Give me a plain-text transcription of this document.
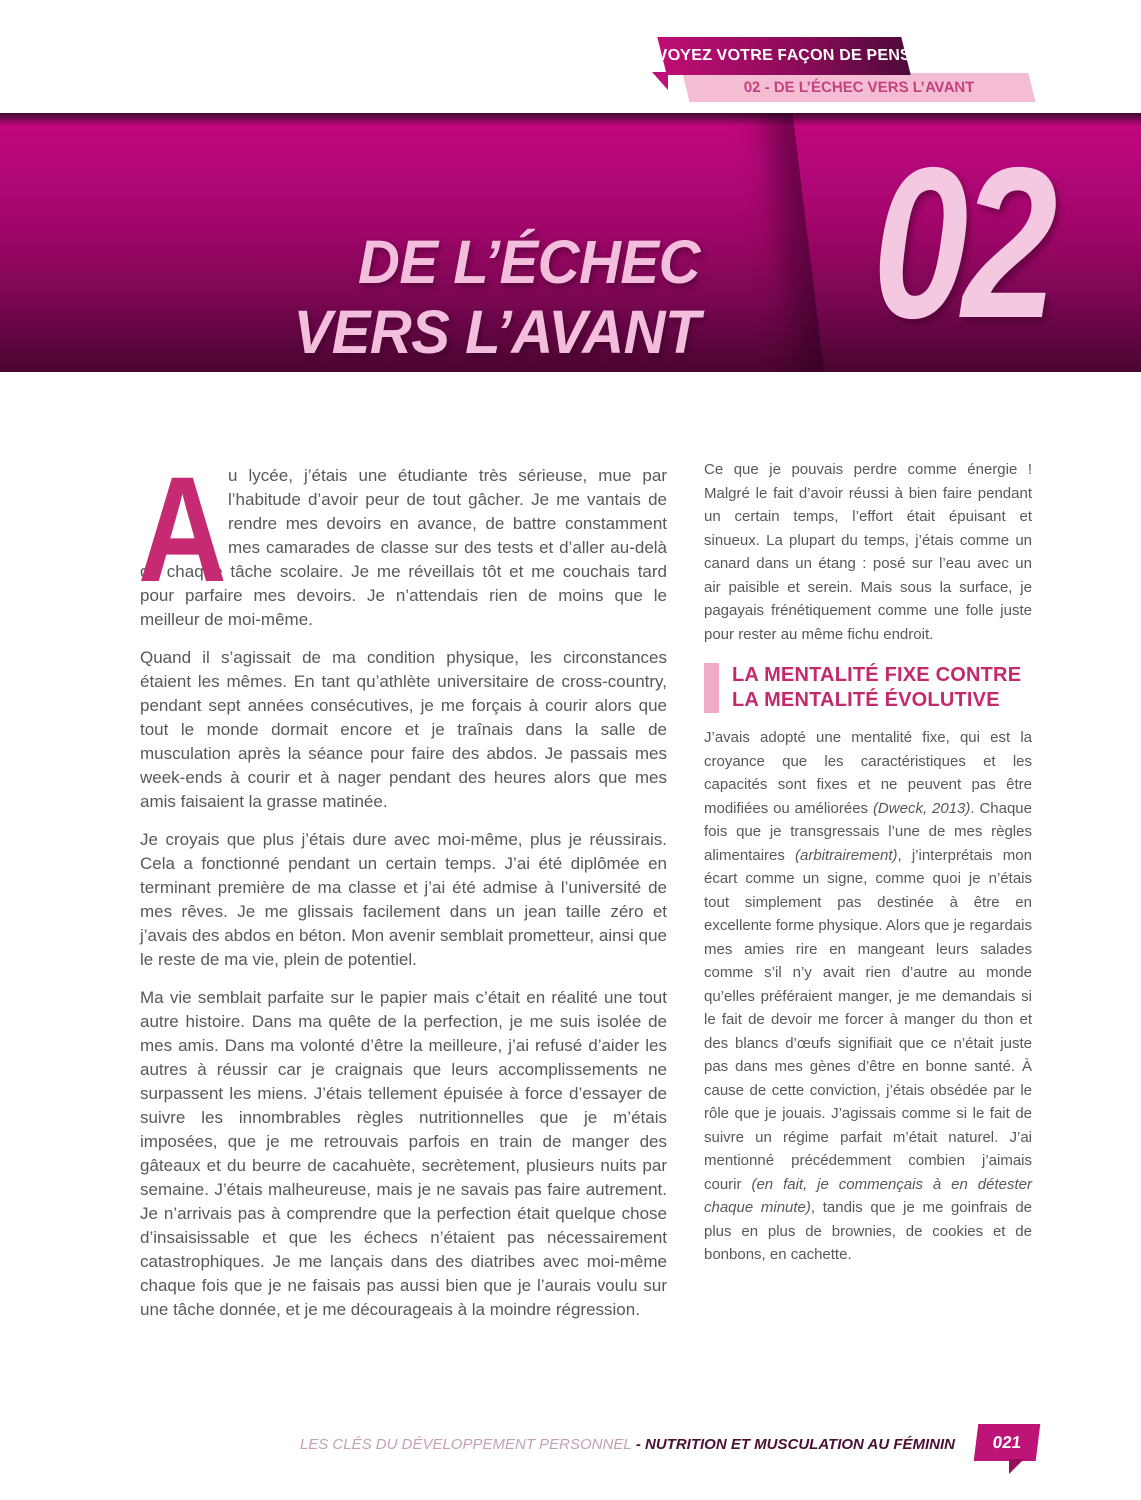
REVOYEZ VOTRE FAÇON DE PENSER
02 - DE L’ÉCHEC VERS L’AVANT
DE L’ÉCHEC
VERS L’AVANT 02

A u lycée, j’étais une étudiante très sérieuse, mue par l’habitude d’avoir peur de tout gâcher. Je me vantais de rendre mes devoirs en avance, de battre constamment mes camarades de classe sur des tests et d’aller au-delà de chaque tâche scolaire. Je me réveillais tôt et me couchais tard pour parfaire mes devoirs. Je n’attendais rien de moins que le meilleur de moi-même.

Quand il s’agissait de ma condition physique, les circonstances étaient les mêmes. En tant qu’athlète universitaire de cross-country, pendant sept années consécutives, je me forçais à courir alors que tout le monde dormait encore et je traînais dans la salle de musculation après la séance pour faire des abdos. Je passais mes week-ends à courir et à nager pendant des heures alors que mes amis faisaient la grasse matinée.

Je croyais que plus j’étais dure avec moi-même, plus je réussirais. Cela a fonctionné pendant un certain temps. J’ai été diplômée en terminant première de ma classe et j’ai été admise à l’université de mes rêves. Je me glissais facilement dans un jean taille zéro et j’avais des abdos en béton. Mon avenir semblait prometteur, ainsi que le reste de ma vie, plein de potentiel.

Ma vie semblait parfaite sur le papier mais c’était en réalité une tout autre histoire. Dans ma quête de la perfection, je me suis isolée de mes amis. Dans ma volonté d’être la meilleure, j’ai refusé d’aider les autres à réussir car je craignais que leurs accomplissements ne surpassent les miens. J’étais tellement épuisée à force d’essayer de suivre les innombrables règles nutritionnelles que je m’étais imposées, que je me retrouvais parfois en train de manger des gâteaux et du beurre de cacahuète, secrètement, plusieurs nuits par semaine. J’étais malheureuse, mais je ne savais pas faire autrement. Je n’arrivais pas à comprendre que la perfection était quelque chose d’insaisissable et que les échecs n’étaient pas nécessairement catastrophiques. Je me lançais dans des diatribes avec moi-même chaque fois que je ne faisais pas aussi bien que je l’aurais voulu sur une tâche donnée, et je me décourageais à la moindre régression.

Ce que je pouvais perdre comme énergie ! Malgré le fait d’avoir réussi à bien faire pendant un certain temps, l’effort était épuisant et sinueux. La plupart du temps, j’étais comme un canard dans un étang : posé sur l’eau avec un air paisible et serein. Mais sous la surface, je pagayais frénétiquement comme une folle juste pour rester au même fichu endroit.

LA MENTALITÉ FIXE CONTRE
LA MENTALITÉ ÉVOLUTIVE

J’avais adopté une mentalité fixe, qui est la croyance que les caractéristiques et les capacités sont fixes et ne peuvent pas être modifiées ou améliorées (Dweck, 2013). Chaque fois que je transgressais l’une de mes règles alimentaires (arbitrairement), j’interprétais mon écart comme un signe, comme quoi je n’étais tout simplement pas destinée à être en excellente forme physique. Alors que je regardais mes amies rire en mangeant leurs salades comme s’il n’y avait rien d’autre au monde qu’elles préféraient manger, je me demandais si le fait de devoir me forcer à manger du thon et des blancs d’œufs signifiait que ce n’était juste pas dans mes gènes d’être en bonne santé. À cause de cette conviction, j’étais obsédée par le rôle que je jouais. J’agissais comme si le fait de suivre un régime parfait m’était naturel. J’ai mentionné précédemment combien j’aimais courir (en fait, je commençais à en détester chaque minute), tandis que je me goinfrais de plus en plus de brownies, de cookies et de bonbons, en cachette.

LES CLÉS DU DÉVELOPPEMENT PERSONNEL - NUTRITION ET MUSCULATION AU FÉMININ 021
